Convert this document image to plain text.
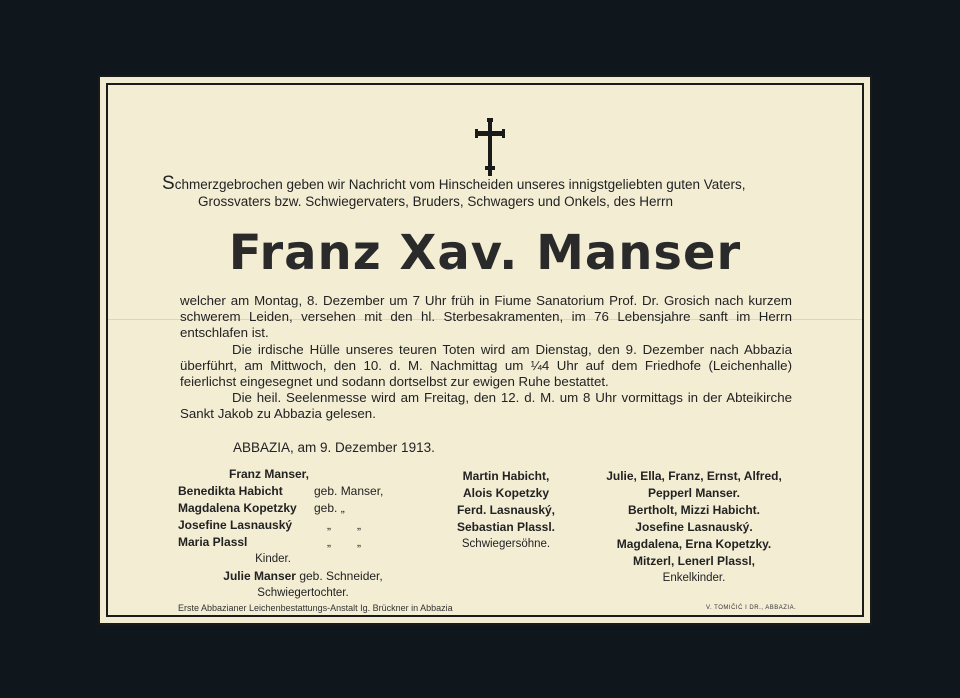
Schmerzgebrochen geben wir Nachricht vom Hinscheiden unseres innigstgeliebten guten Vaters,
Grossvaters bzw. Schwiegervaters, Bruders, Schwagers und Onkels, des Herrn
Franz Xav. Manser

welcher am Montag, 8. Dezember um 7 Uhr früh in Fiume Sanatorium Prof. Dr. Grosich nach kurzem schwerem Leiden, versehen mit den hl. Sterbesakramenten, im 76 Lebensjahre sanft im Herrn entschlafen ist.

Die irdische Hülle unseres teuren Toten wird am Dienstag, den 9. Dezember nach Abbazia überführt, am Mittwoch, den 10. d. M. Nachmittag um ¼4 Uhr auf dem Friedhofe (Leichenhalle) feierlichst eingesegnet und sodann dortselbst zur ewigen Ruhe bestattet.

Die heil. Seelenmesse wird am Freitag, den 12. d. M. um 8 Uhr vormittags in der Abteikirche Sankt Jakob zu Abbazia gelesen.

ABBAZIA, am 9. Dezember 1913.
Franz Manser,
Benedikta Habicht	geb. Manser,
Magdalena Kopetzky	geb. „
Josefine Lasnauský	„	„
Maria Plassl	„	„
Kinder.
Julie Manser geb. Schneider,
Schwiegertochter.
Martin Habicht,
Alois Kopetzky
Ferd. Lasnauský,
Sebastian Plassl.
Schwiegersöhne.
Julie, Ella, Franz, Ernst, Alfred,
Pepperl Manser.
Bertholt, Mizzi Habicht.
Josefine Lasnauský.
Magdalena, Erna Kopetzky.
Mitzerl, Lenerl Plassl,
Enkelkinder.
Erste Abbazianer Leichenbestattungs-Anstalt Ig. Brückner in Abbazia	V. TOMIČIĆ I DR., ABBAZIA.
